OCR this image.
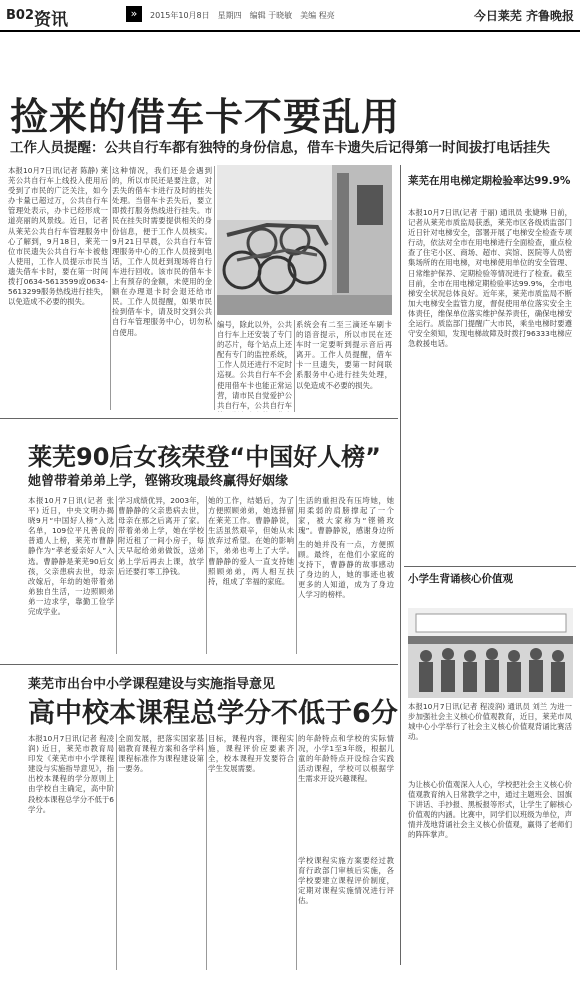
B02 资讯	»	2015年10月8日　星期四　编辑 于晓敏　美编 程亮	今日莱芜 齐鲁晚报
捡来的借车卡不要乱用
工作人员提醒：公共自行车都有独特的身份信息，借车卡遗失后记得第一时间拔打电话挂失
本报10月7日讯(记者 陈静) 莱芜公共自行车上线投入使用后受到了市民的广泛关注，如今办卡量已超过万，公共自行车管理处表示，办卡已经形成一道亮丽的风景线。近日，记者从莱芜公共自行车管理服务中心了解到，9月18日，莱芜一位市民遗失公共自行车卡被他人使用，工作人员提示市民当遗失借车卡时，要在第一时间拨打0634-5613599或0634-5613299服务热线进行挂失，以免造成不必要的损失。
这种情况，我们还是会遇到的，所以市民还是要注意，对丢失的借车卡进行及时的挂失处理。当借车卡丢失后，要立即拨打服务热线进行挂失。市民在挂失时需要提供相关的身份信息，便于工作人员核实。9月21日早晨，公共自行车管理服务中心的工作人员接到电话，工作人员赶到现场将自行车进行回收。该市民的借车卡上有预存的金额，未使用的金额在办理退卡时会退还给市民。工作人员提醒，如果市民捡到借车卡，请及时交到公共自行车管理服务中心，切勿私自使用。
编号，除此以外，公共自行车上还安装了专门的芯片，每个站点上还配有专门的监控系统，工作人员还进行不定时巡视。公共自行车不会使用借车卡也能正常运营，请市民自觉爱护公共自行车，公共自行车
系统会有二至三滴还车刷卡的语音提示，所以市民在还车时一定要听到提示音后再离开。工作人员提醒，借车卡一旦遗失，要第一时间联系服务中心进行挂失处理，以免造成不必要的损失。
莱芜在用电梯定期检验率达99.9%
本报10月7日讯(记者 于丽) 通讯员 张婕琳 日前，记者从莱芜市质监局获悉，莱芜市区各级质监部门近日针对电梯安全，部署开展了电梯安全检查专项行动，依法对全市在用电梯进行全面检查，重点检查了住宅小区、商场、超市、宾馆、医院等人员密集场所的在用电梯，对电梯使用单位的安全管理、日常维护保养、定期检验等情况进行了检查。截至目前，全市在用电梯定期检验率达99.9%，全市电梯安全状况总体良好。近年来，莱芜市质监局不断加大电梯安全监管力度，督促使用单位落实安全主体责任，维保单位落实维护保养责任，确保电梯安全运行。质监部门提醒广大市民，乘坐电梯时要遵守安全须知，发现电梯故障及时拨打96333电梯应急救援电话。
莱芜90后女孩荣登“中国好人榜”
她曾带着弟弟上学，铿锵玫瑰最终赢得好姻缘
本报10月7日讯(记者 张平) 近日，中央文明办揭晓9月“中国好人榜”入选名单，109位平凡善良的普通人上榜，莱芜市曹静静作为“孝老爱亲好人”入选。曹静静是莱芜90后女孩，父亲患病去世，母亲改嫁后，年幼的她带着弟弟独自生活，一边照顾弟弟一边求学，靠勤工俭学完成学业。
学习成绩优异，2003年，曹静静的父亲患病去世，母亲在那之后离开了家。带着弟弟上学，她在学校附近租了一间小房子，每天早起给弟弟做饭，送弟弟上学后再去上课，放学后还要打零工挣钱。
她的工作，结婚后，为了方便照顾弟弟，她选择留在莱芜工作。曹静静说，生活虽然艰辛，但她从未放弃过希望。在她的影响下，弟弟也考上了大学。曹静静的爱人一直支持她照顾弟弟，两人相互扶持，组成了幸福的家庭。
生活的重担没有压垮她，她用柔弱的肩膀撑起了一个家，被大家称为“铿锵玫瑰”。曹静静说，感谢身边所
生的她并没有一点，方便照顾。最终，在他们小家庭的支持下，曹静静的故事感动了身边的人，她的事迹也被更多的人知道，成为了身边人学习的榜样。
小学生背诵核心价值观
本报10月7日讯(记者 程凌润) 通讯员 刘兰 为进一步加强社会主义核心价值观教育，近日，莱芜市凤城中心小学举行了社会主义核心价值观背诵比赛活动。
为让核心价值观深入人心，学校把社会主义核心价值观教育纳入日常教学之中，通过主题班会、国旗下讲话、手抄报、黑板报等形式，让学生了解核心价值观的内涵。比赛中，同学们以班级为单位，声情并茂地背诵社会主义核心价值观，赢得了老师们的阵阵掌声。
莱芜市出台中小学课程建设与实施指导意见
高中校本课程总学分不低于6分
本报10月7日讯(记者 程凌润) 近日，莱芜市教育局印发《莱芜市中小学课程建设与实施指导意见》，指出校本课程的学分原则上由学校自主确定，高中阶段校本课程总学分不低于6学分。
全面发展，把落实国家基础教育课程方案和各学科课程标准作为课程建设第一要务。
目标，课程内容，课程实施，课程评价应要素齐全，校本课程开发要符合学生发展需要。
的年龄特点和学校的实际情况，小学1至3年级，根据儿童的年龄特点开设综合实践活动课程，学校可以根据学生需求开设兴趣课程。
学校课程实施方案要经过教育行政部门审核后实施，各学校要建立课程评价制度，定期对课程实施情况进行评估。
